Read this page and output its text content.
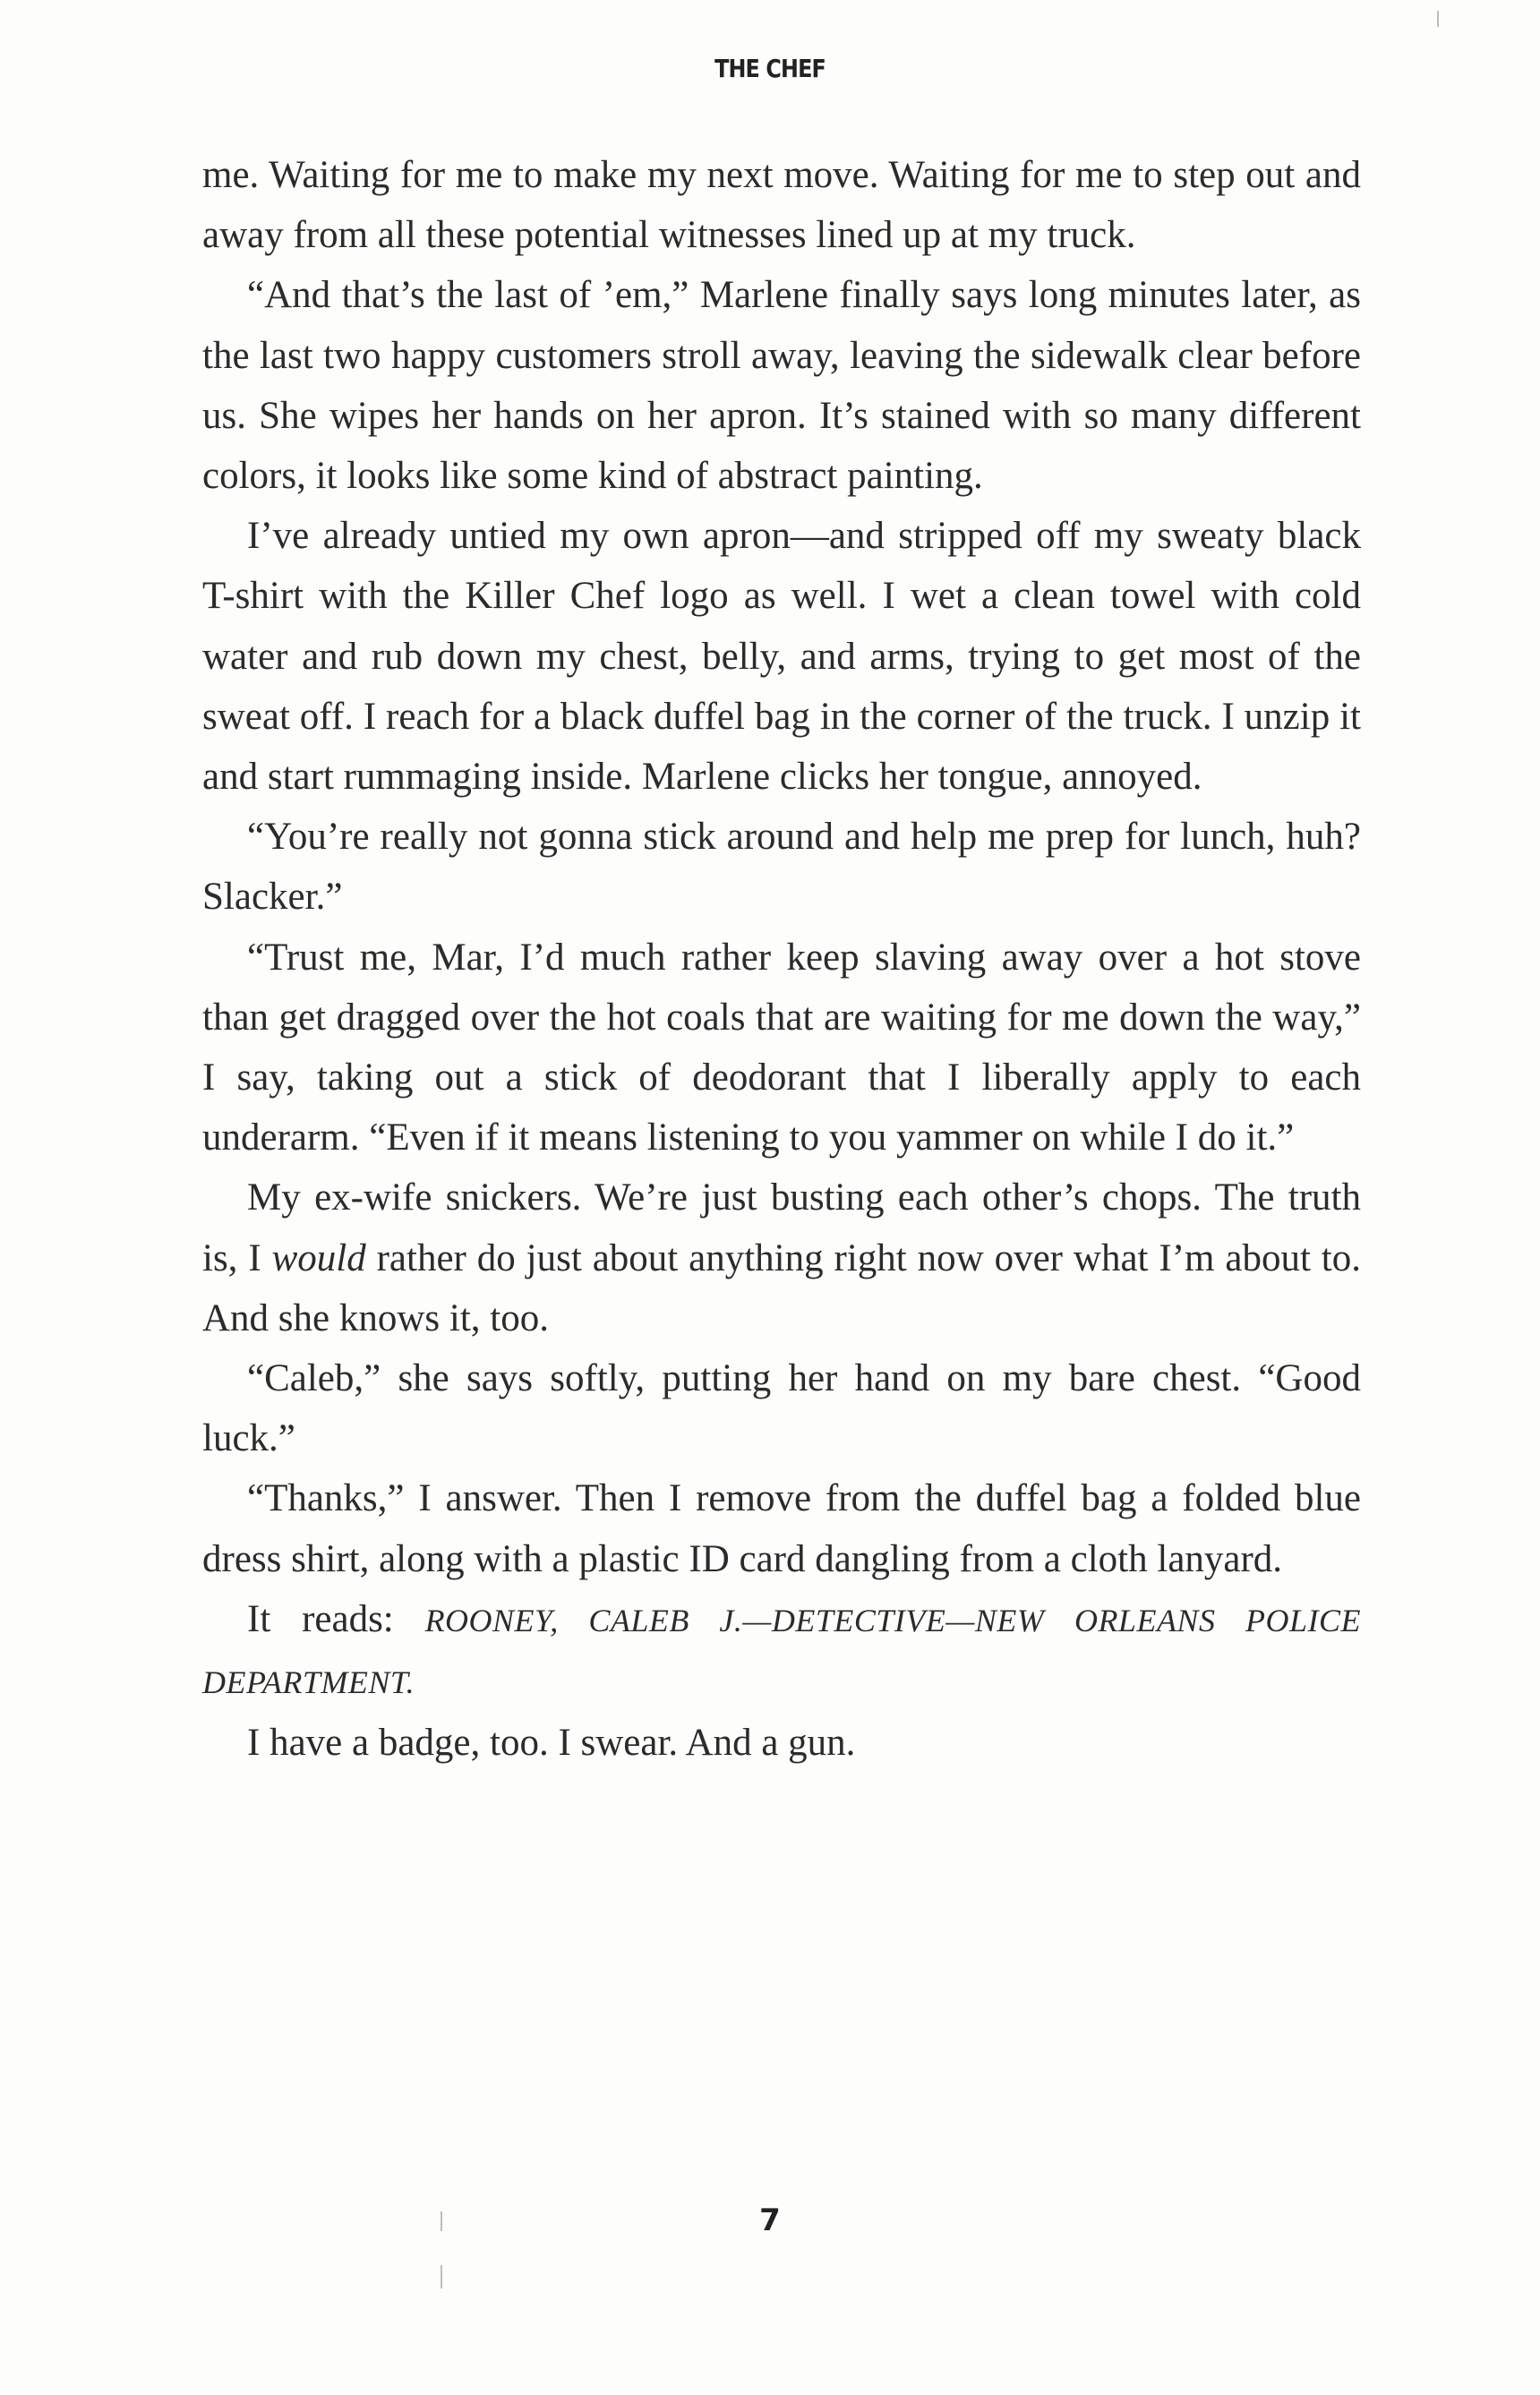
THE CHEF

me. Waiting for me to make my next move. Waiting for me to step out and away from all these potential witnesses lined up at my truck.

“And that’s the last of ’em,” Marlene finally says long minutes later, as the last two happy customers stroll away, leaving the sidewalk clear before us. She wipes her hands on her apron. It’s stained with so many different colors, it looks like some kind of abstract painting.

I’ve already untied my own apron—and stripped off my sweaty black T-shirt with the Killer Chef logo as well. I wet a clean towel with cold water and rub down my chest, belly, and arms, trying to get most of the sweat off. I reach for a black duffel bag in the corner of the truck. I unzip it and start rummaging inside. Marlene clicks her tongue, annoyed.

“You’re really not gonna stick around and help me prep for lunch, huh? Slacker.”

“Trust me, Mar, I’d much rather keep slaving away over a hot stove than get dragged over the hot coals that are waiting for me down the way,” I say, taking out a stick of deodorant that I liberally apply to each underarm. “Even if it means listening to you yammer on while I do it.”

My ex-wife snickers. We’re just busting each other’s chops. The truth is, I would rather do just about anything right now over what I’m about to. And she knows it, too.

“Caleb,” she says softly, putting her hand on my bare chest. “Good luck.”

“Thanks,” I answer. Then I remove from the duffel bag a folded blue dress shirt, along with a plastic ID card dangling from a cloth lanyard.

It reads: ROONEY, CALEB J.—DETECTIVE—NEW ORLEANS POLICE DEPARTMENT.

I have a badge, too. I swear. And a gun.

7
